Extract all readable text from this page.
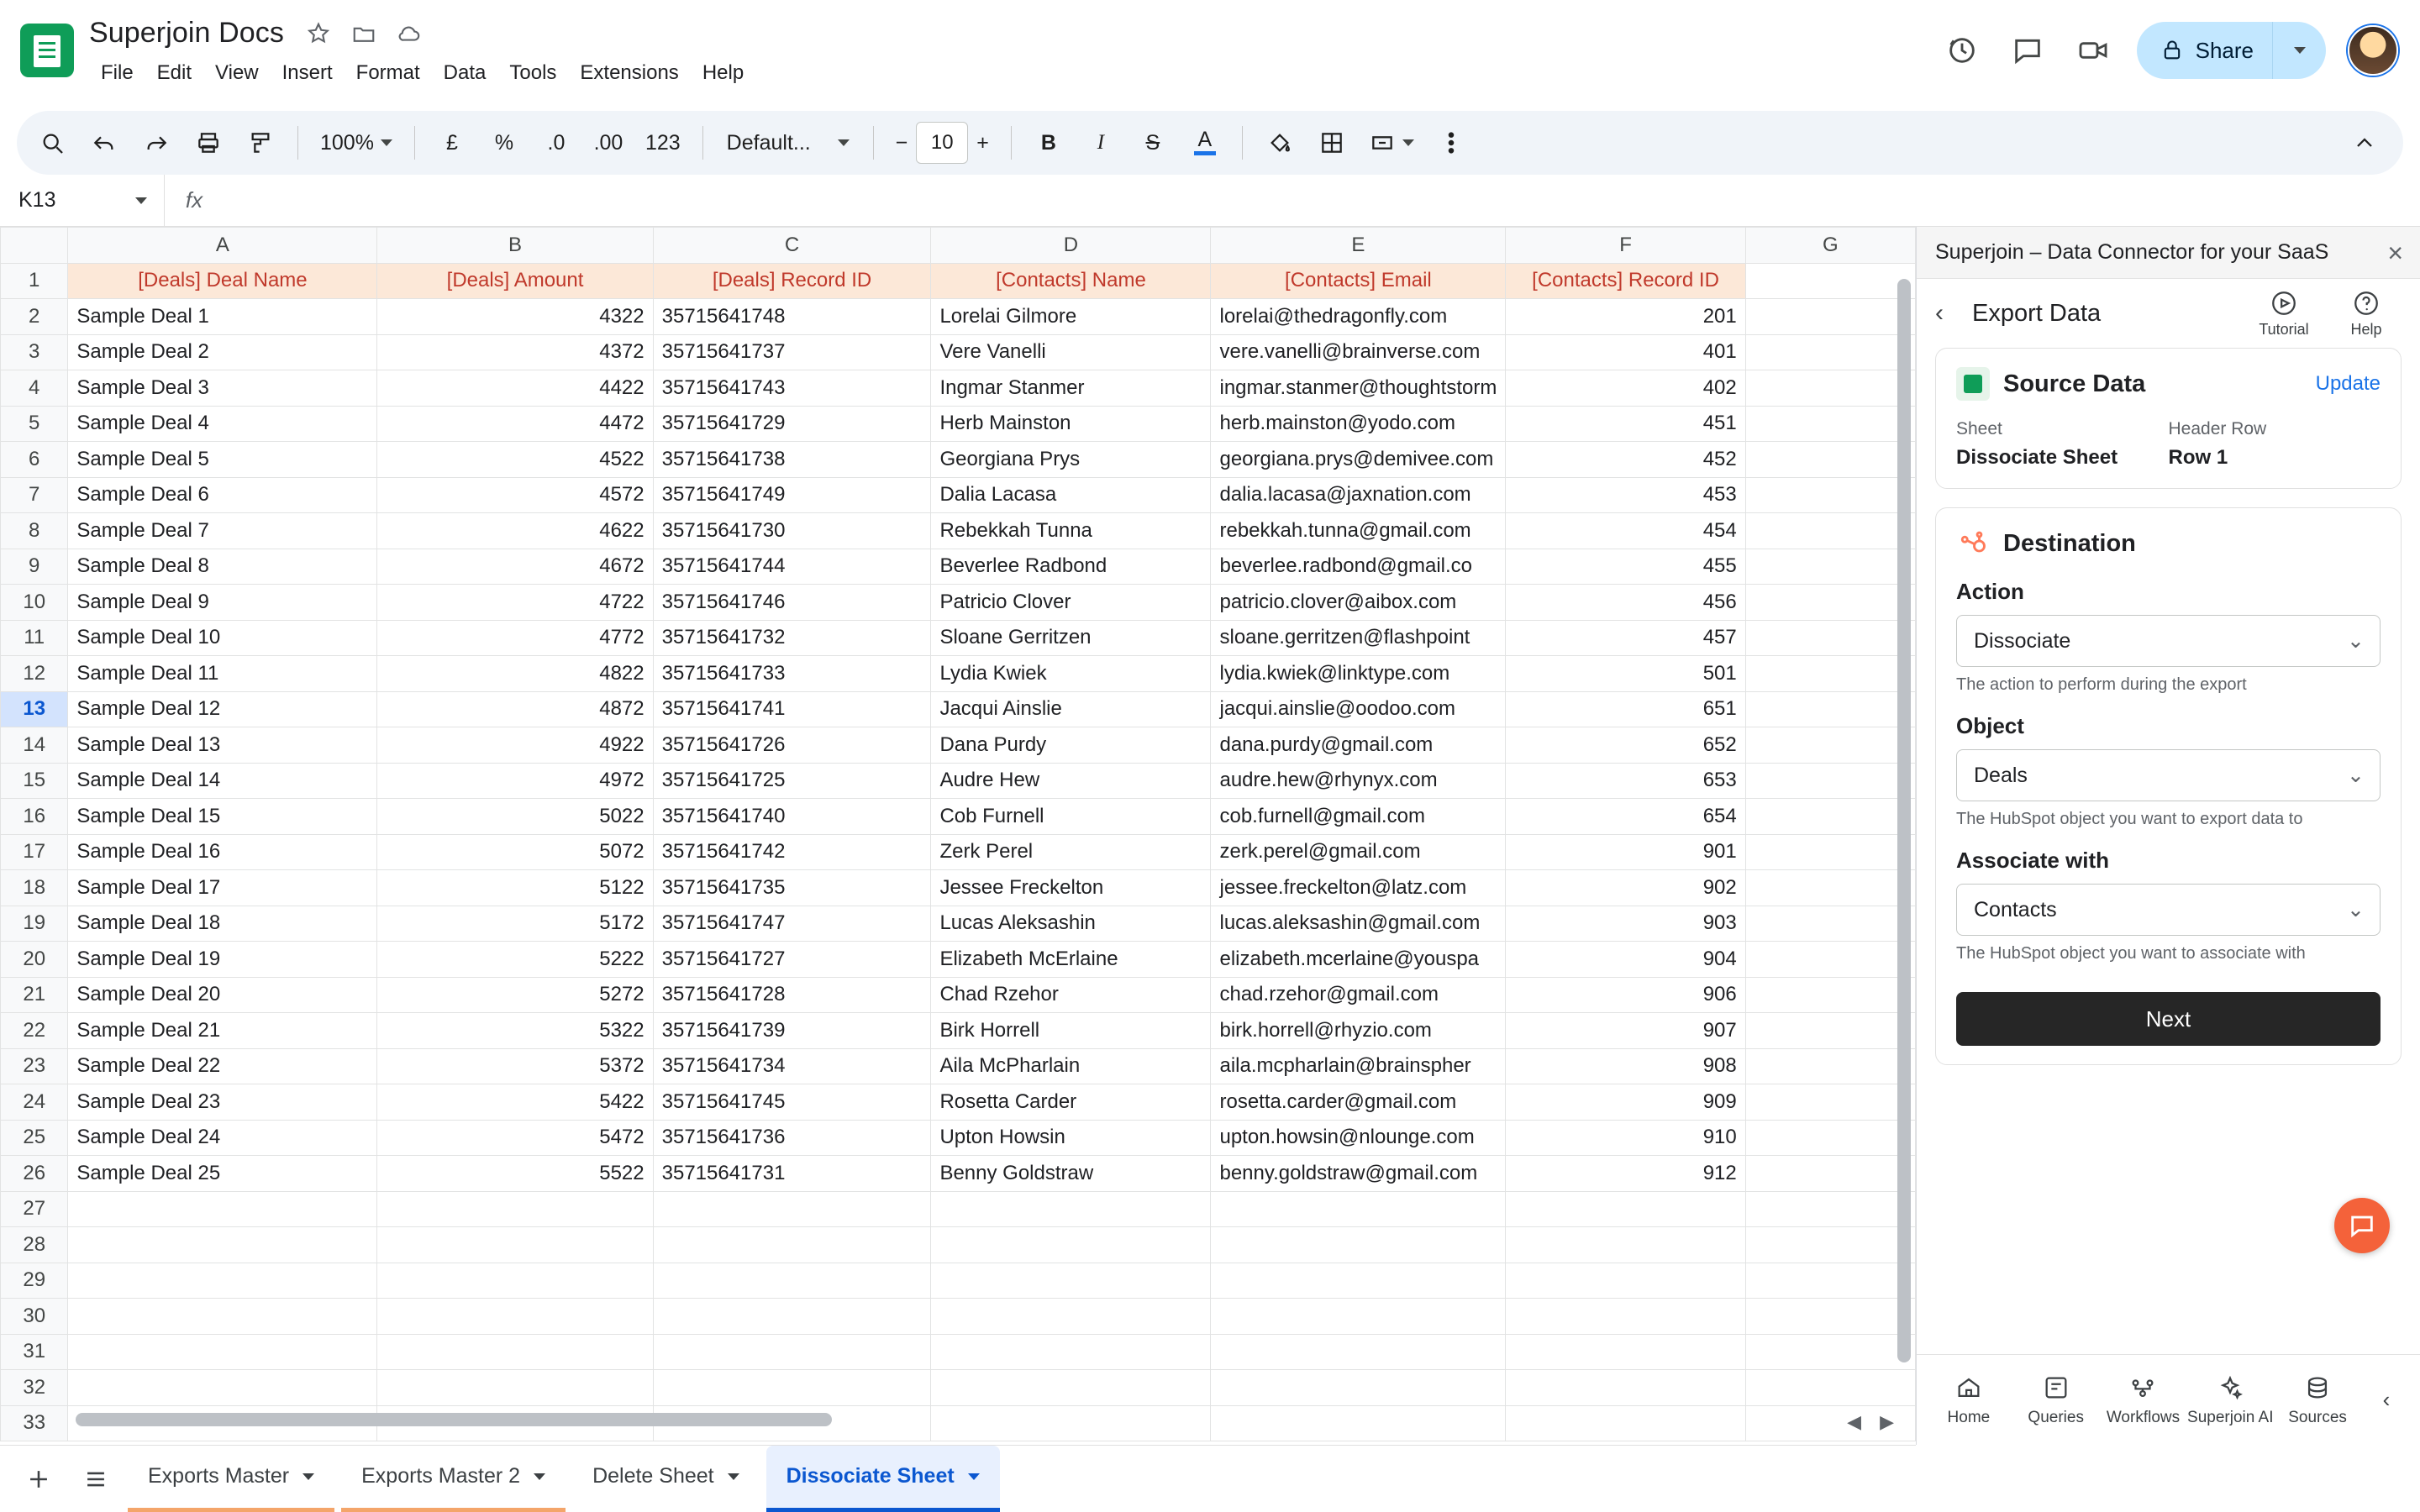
Superjoin Docs
File	Edit	View	Insert	Format	Data	Tools	Extensions	Help
Share
100%	£	%	.0	.00	123	Default...	−	10	+	B	I	S	A
K13	fx
	A	B	C	D	E	F	G
1	[Deals] Deal Name	[Deals] Amount	[Deals] Record ID	[Contacts] Name	[Contacts] Email	[Contacts] Record ID	
2	Sample Deal 1	4322	35715641748	Lorelai Gilmore	lorelai@thedragonfly.com	201	
3	Sample Deal 2	4372	35715641737	Vere Vanelli	vere.vanelli@brainverse.com	401	
4	Sample Deal 3	4422	35715641743	Ingmar Stanmer	ingmar.stanmer@thoughtstorm	402	
5	Sample Deal 4	4472	35715641729	Herb Mainston	herb.mainston@yodo.com	451	
6	Sample Deal 5	4522	35715641738	Georgiana Prys	georgiana.prys@demivee.com	452	
7	Sample Deal 6	4572	35715641749	Dalia Lacasa	dalia.lacasa@jaxnation.com	453	
8	Sample Deal 7	4622	35715641730	Rebekkah Tunna	rebekkah.tunna@gmail.com	454	
9	Sample Deal 8	4672	35715641744	Beverlee Radbond	beverlee.radbond@gmail.co	455	
10	Sample Deal 9	4722	35715641746	Patricio Clover	patricio.clover@aibox.com	456	
11	Sample Deal 10	4772	35715641732	Sloane Gerritzen	sloane.gerritzen@flashpoint	457	
12	Sample Deal 11	4822	35715641733	Lydia Kwiek	lydia.kwiek@linktype.com	501	
13	Sample Deal 12	4872	35715641741	Jacqui Ainslie	jacqui.ainslie@oodoo.com	651	
14	Sample Deal 13	4922	35715641726	Dana Purdy	dana.purdy@gmail.com	652	
15	Sample Deal 14	4972	35715641725	Audre Hew	audre.hew@rhynyx.com	653	
16	Sample Deal 15	5022	35715641740	Cob Furnell	cob.furnell@gmail.com	654	
17	Sample Deal 16	5072	35715641742	Zerk Perel	zerk.perel@gmail.com	901	
18	Sample Deal 17	5122	35715641735	Jessee Freckelton	jessee.freckelton@latz.com	902	
19	Sample Deal 18	5172	35715641747	Lucas Aleksashin	lucas.aleksashin@gmail.com	903	
20	Sample Deal 19	5222	35715641727	Elizabeth McErlaine	elizabeth.mcerlaine@youspa	904	
21	Sample Deal 20	5272	35715641728	Chad Rzehor	chad.rzehor@gmail.com	906	
22	Sample Deal 21	5322	35715641739	Birk Horrell	birk.horrell@rhyzio.com	907	
23	Sample Deal 22	5372	35715641734	Aila McPharlain	aila.mcpharlain@brainspher	908	
24	Sample Deal 23	5422	35715641745	Rosetta Carder	rosetta.carder@gmail.com	909	
25	Sample Deal 24	5472	35715641736	Upton Howsin	upton.howsin@nlounge.com	910	
26	Sample Deal 25	5522	35715641731	Benny Goldstraw	benny.goldstraw@gmail.com	912	
27							
28							
29							
30							
31							
32							
33								◀ ▶
Superjoin – Data Connector for your SaaS ×
‹	Export Data
Tutorial	Help
Source Data	Update
Sheet
Dissociate Sheet
Header Row
Row 1
Destination
Action
Dissociate	⌄
The action to perform during the export
Object
Deals	⌄
The HubSpot object you want to export data to
Associate with
Contacts	⌄
The HubSpot object you want to associate with
Next
Home Queries Workflows Superjoin AI Sources
‹
Exports Master	Exports Master 2	Delete Sheet	Dissociate Sheet
